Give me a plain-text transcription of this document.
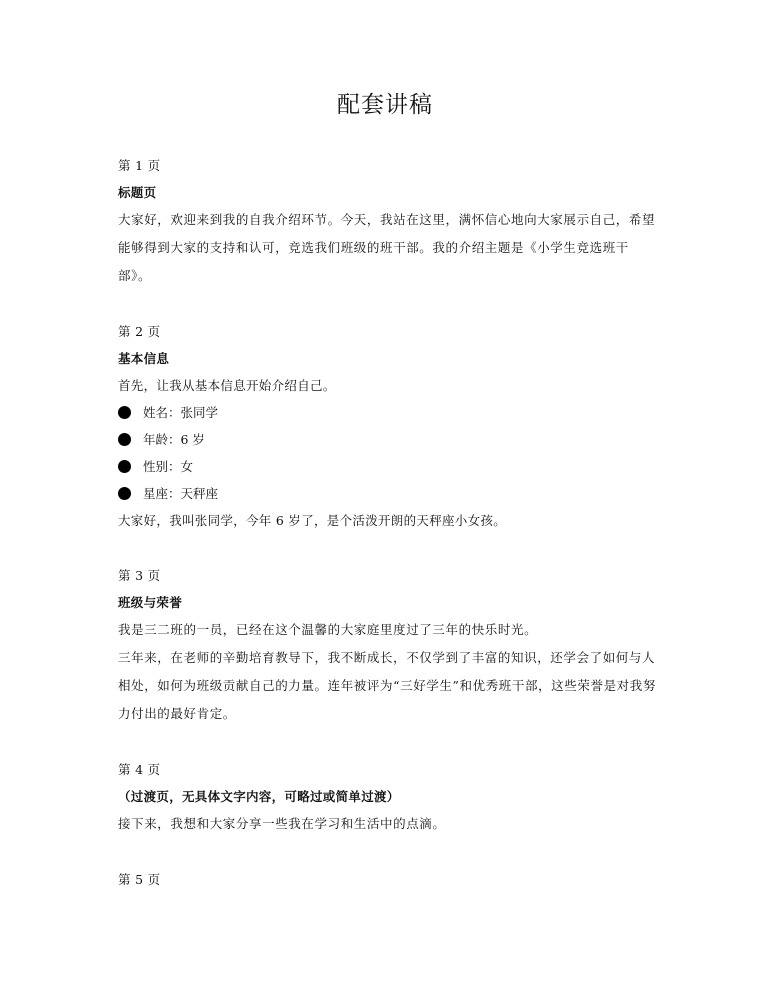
配套讲稿
第 1 页
标题页
大家好，欢迎来到我的自我介绍环节。今天，我站在这里，满怀信心地向大家展示自己，希望能够得到大家的支持和认可，竞选我们班级的班干部。我的介绍主题是《小学生竞选班干部》。
第 2 页
基本信息
首先，让我从基本信息开始介绍自己。
姓名：张同学
年龄：6 岁
性别：女
星座：天秤座
大家好，我叫张同学，今年 6 岁了，是个活泼开朗的天秤座小女孩。
第 3 页
班级与荣誉
我是三二班的一员，已经在这个温馨的大家庭里度过了三年的快乐时光。
三年来，在老师的辛勤培育教导下，我不断成长，不仅学到了丰富的知识，还学会了如何与人相处，如何为班级贡献自己的力量。连年被评为“三好学生”和优秀班干部，这些荣誉是对我努力付出的最好肯定。
第 4 页
（过渡页，无具体文字内容，可略过或简单过渡）
接下来，我想和大家分享一些我在学习和生活中的点滴。
第 5 页
